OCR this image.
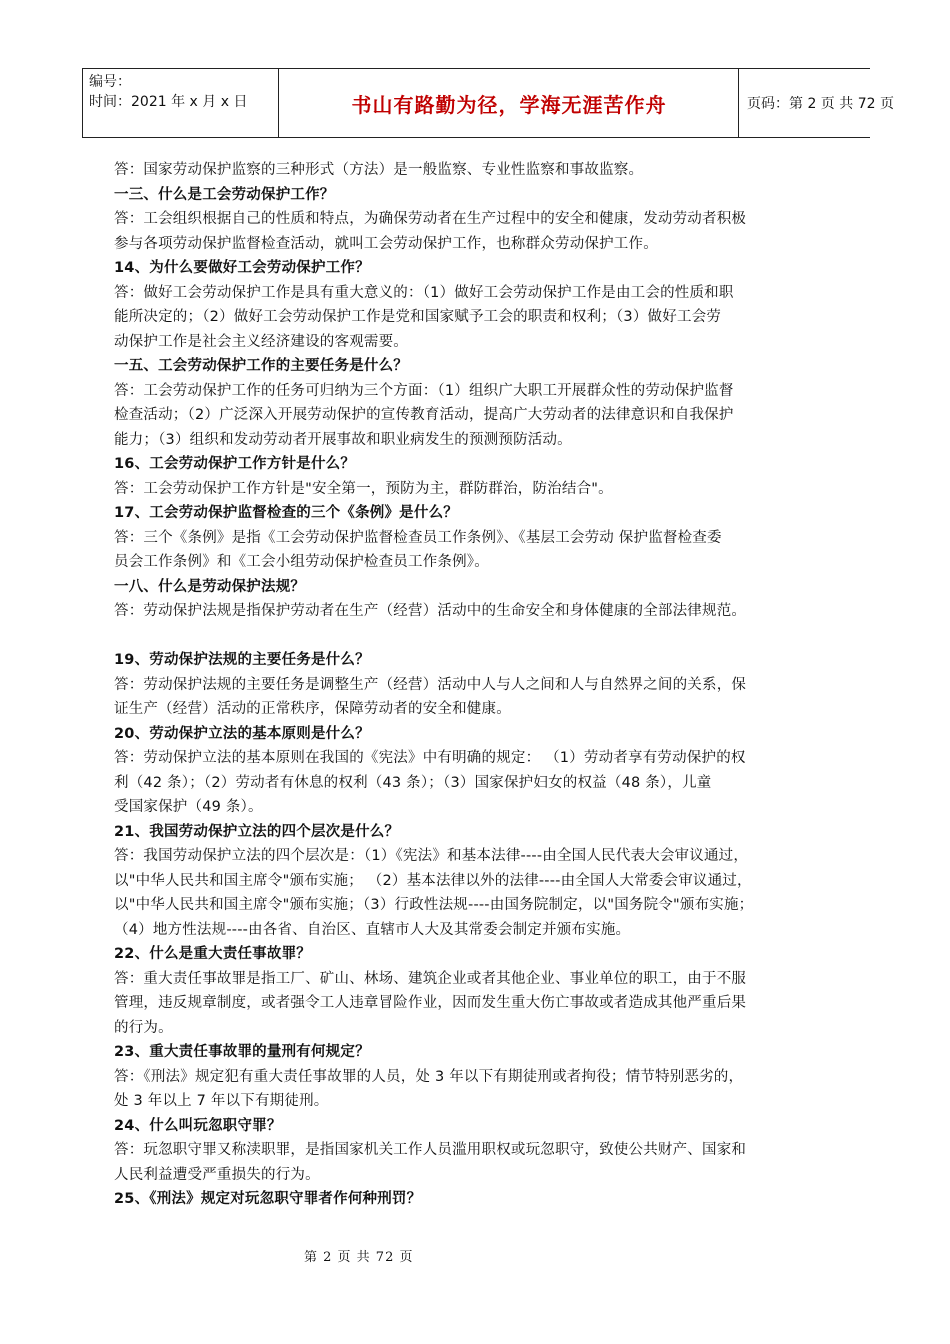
编号：
时间：2021 年 x 月 x 日	书山有路勤为径，学海无涯苦作舟	页码：第 2 页 共 72 页
答：国家劳动保护监察的三种形式（方法）是一般监察、专业性监察和事故监察。
一三、什么是工会劳动保护工作？
答：工会组织根据自己的性质和特点，为确保劳动者在生产过程中的安全和健康，发动劳动者积极
参与各项劳动保护监督检查活动，就叫工会劳动保护工作，也称群众劳动保护工作。
14、为什么要做好工会劳动保护工作？
答：做好工会劳动保护工作是具有重大意义的：（1）做好工会劳动保护工作是由工会的性质和职
能所决定的；（2）做好工会劳动保护工作是党和国家赋予工会的职责和权利；（3）做好工会劳
动保护工作是社会主义经济建设的客观需要。
一五、工会劳动保护工作的主要任务是什么？
答：工会劳动保护工作的任务可归纳为三个方面：（1）组织广大职工开展群众性的劳动保护监督
检查活动；（2）广泛深入开展劳动保护的宣传教育活动，提高广大劳动者的法律意识和自我保护
能力；（3）组织和发动劳动者开展事故和职业病发生的预测预防活动。
16、工会劳动保护工作方针是什么？
答：工会劳动保护工作方针是"安全第一，预防为主，群防群治，防治结合"。
17、工会劳动保护监督检查的三个《条例》是什么？
答：三个《条例》是指《工会劳动保护监督检查员工作条例》、《基层工会劳动 保护监督检查委
员会工作条例》和《工会小组劳动保护检查员工作条例》。
一八、什么是劳动保护法规？
答：劳动保护法规是指保护劳动者在生产（经营）活动中的生命安全和身体健康的全部法律规范。
19、劳动保护法规的主要任务是什么？
答：劳动保护法规的主要任务是调整生产（经营）活动中人与人之间和人与自然界之间的关系，保
证生产（经营）活动的正常秩序，保障劳动者的安全和健康。
20、劳动保护立法的基本原则是什么？
答：劳动保护立法的基本原则在我国的《宪法》中有明确的规定： （1）劳动者享有劳动保护的权
利（42 条）；（2）劳动者有休息的权利（43 条）；（3）国家保护妇女的权益（48 条），儿童
受国家保护（49 条）。
21、我国劳动保护立法的四个层次是什么？
答：我国劳动保护立法的四个层次是：（1）《宪法》和基本法律----由全国人民代表大会审议通过，
以"中华人民共和国主席令"颁布实施； （2）基本法律以外的法律----由全国人大常委会审议通过，
以"中华人民共和国主席令"颁布实施；（3）行政性法规----由国务院制定，以"国务院令"颁布实施；
（4）地方性法规----由各省、自治区、直辖市人大及其常委会制定并颁布实施。
22、什么是重大责任事故罪？
答：重大责任事故罪是指工厂、矿山、林场、建筑企业或者其他企业、事业单位的职工，由于不服
管理，违反规章制度，或者强令工人违章冒险作业，因而发生重大伤亡事故或者造成其他严重后果
的行为。
23、重大责任事故罪的量刑有何规定？
答：《刑法》规定犯有重大责任事故罪的人员，处 3 年以下有期徒刑或者拘役；情节特别恶劣的，
处 3 年以上 7 年以下有期徒刑。
24、什么叫玩忽职守罪？
答：玩忽职守罪又称渎职罪，是指国家机关工作人员滥用职权或玩忽职守，致使公共财产、国家和
人民利益遭受严重损失的行为。
25、《刑法》规定对玩忽职守罪者作何种刑罚？
第 2 页 共 72 页
